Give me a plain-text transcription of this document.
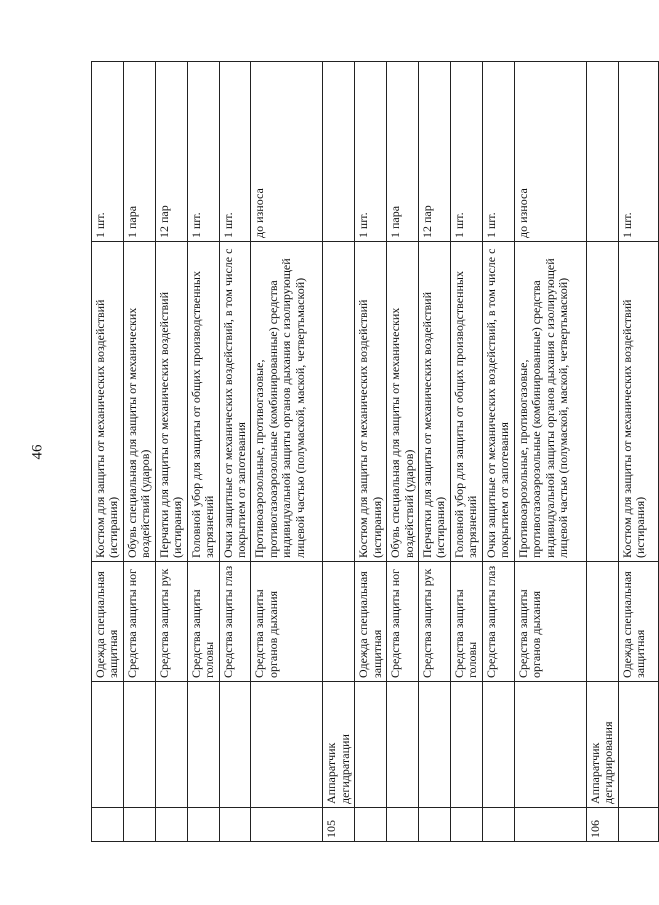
46
		Одежда специальная защитная	Костюм для защиты от механических воздействий (истирания)	1 шт.
		Средства защиты ног	Обувь специальная для защиты от механических воздействий (ударов)	1 пара
		Средства защиты рук	Перчатки для защиты от механических воздействий (истирания)	12 пар
		Средства защиты головы	Головной убор для защиты от общих производственных загрязнений	1 шт.
		Средства защиты глаз	Очки защитные от механических воздействий, в том числе с покрытием от запотевания	1 шт.
		Средства защиты органов дыхания	Противоаэрозольные, противогазовые, противогазоаэрозольные (комбинированные) средства индивидуальной защиты органов дыхания с изолирующей лицевой частью (полумаской, маской, четвертьмаской)	до износа
105	Аппаратчик дегидратации			
		Одежда специальная защитная	Костюм для защиты от механических воздействий (истирания)	1 шт.
		Средства защиты ног	Обувь специальная для защиты от механических воздействий (ударов)	1 пара
		Средства защиты рук	Перчатки для защиты от механических воздействий (истирания)	12 пар
		Средства защиты головы	Головной убор для защиты от общих производственных загрязнений	1 шт.
		Средства защиты глаз	Очки защитные от механических воздействий, в том числе с покрытием от запотевания	1 шт.
		Средства защиты органов дыхания	Противоаэрозольные, противогазовые, противогазоаэрозольные (комбинированные) средства индивидуальной защиты органов дыхания с изолирующей лицевой частью (полумаской, маской, четвертьмаской)	до износа
106	Аппаратчик дегидрирования			
		Одежда специальная защитная	Костюм для защиты от механических воздействий (истирания)	1 шт.
